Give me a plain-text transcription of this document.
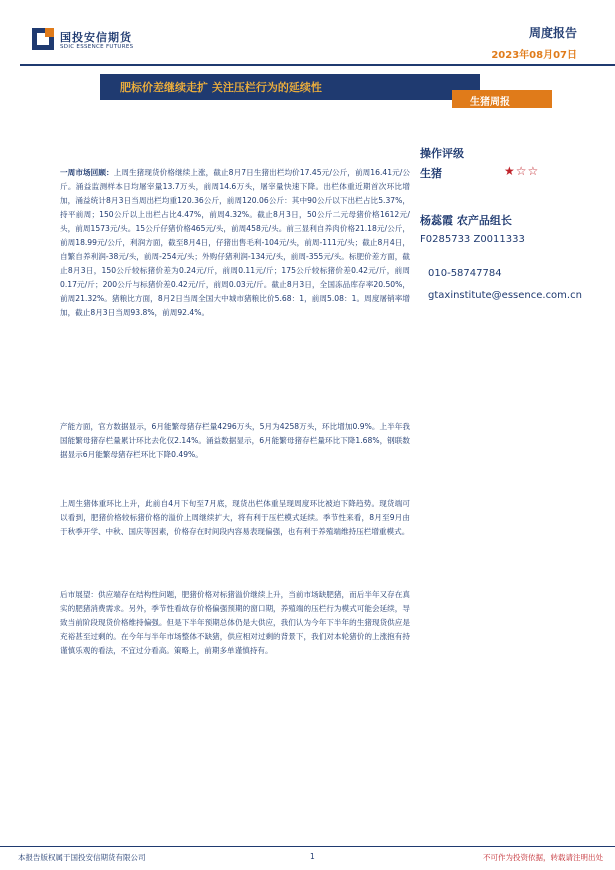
国投安信期货
SDIC ESSENCE FUTURES
周度报告
2023年08月07日
肥标价差继续走扩 关注压栏行为的延续性
生猪周报
操作评级
生猪	★☆☆
杨蕊霞 农产品组长
F0285733 Z0011333
010-58747784
gtaxinstitute@essence.com.cn

一周市场回顾：上周生猪现货价格继续上涨，截止8月7日生猪出栏均价17.45元/公斤，前周16.41元/公斤。涌益监测样本日均屠宰量13.7万头，前周14.6万头，屠宰量快速下降。出栏体重近期首次环比增加，涌益统计8月3日当周出栏均重120.36公斤，前周120.06公斤：其中90公斤以下出栏占比5.37%，持平前周；150公斤以上出栏占比4.47%，前周4.32%。截止8月3日，50公斤二元母猪价格1612元/头，前周1573元/头。15公斤仔猪价格465元/头，前周458元/头。前三显利自养肉价格21.18元/公斤，前周18.99元/公斤，利润方面，截至8月4日，仔猪出售毛利-104元/头，前周-111元/头；截止8月4日，自繁自养利润-38元/头，前周-254元/头；外购仔猪利润-134元/头，前周-355元/头。标肥价差方面，截止8月3日，150公斤较标猪价差为0.24元/斤，前周0.11元/斤；175公斤较标猪价差0.42元/斤，前周0.17元/斤；200公斤与标猪价差0.42元/斤，前周0.03元/斤。截止8月3日，全国冻品库存率20.50%，前周21.32%。猪粮比方面，8月2日当周全国大中城市猪粮比价5.68：1，前周5.08：1。周度屠销率增加，截止8月3日当周93.8%，前周92.4%。

产能方面，官方数据显示，6月能繁母猪存栏量4296万头，5月为4258万头，环比增加0.9%。上半年我国能繁母猪存栏量累计环比去化仅2.14%。涌益数据显示，6月能繁母猪存栏量环比下降1.68%，钢联数据显示6月能繁母猪存栏环比下降0.49%。

上周生猪体重环比上升，此前自4月下旬至7月底，现货出栏体重呈现周度环比被迫下降趋势。现货端可以看到，肥猪价格较标猪价格的溢价上周继续扩大，将有利于压栏模式延续。季节性来看，8月至9月由于秋季开学、中秋、国庆等因素，价格存在时间段内容易表现偏强，也有利于养殖端维持压栏增重模式。

后市展望：供应端存在结构性问题，肥猪价格对标猪溢价继续上升，当前市场缺肥猪，而后半年又存在真实的肥猪消费需求。另外，季节性看故存价格偏强预期的窗口期，养殖端的压栏行为模式可能会延续，导致当前阶段现货价格维持偏强。但是下半年预期总体仍是大供应，我们认为今年下半年的生猪现货供应是充裕甚至过剩的。在今年与半年市场整体不缺猪，供应相对过剩的背景下，我们对本轮猪价的上涨抱有持谨慎乐观的看法，不宜过分看高。策略上，前期多单谨慎持有。

本报告版权属于国投安信期货有限公司	1	不可作为投资依据，转载请注明出处
